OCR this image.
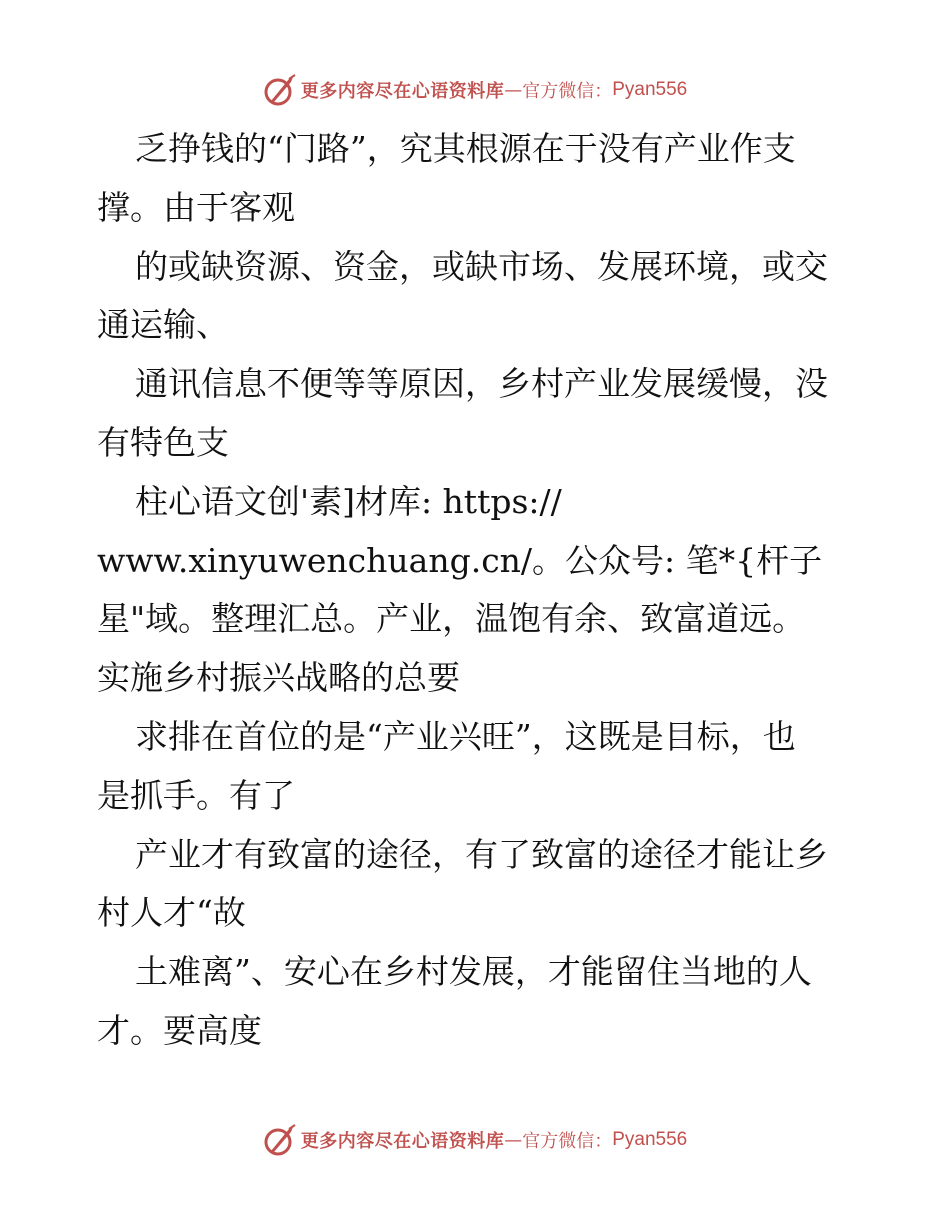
更多内容尽在心语资料库 — 官方微信： Pyan556
乏挣钱的“门路”，究其根源在于没有产业作支
撑。由于客观
的或缺资源、资金，或缺市场、发展环境，或交
通运输、
通讯信息不便等等原因，乡村产业发展缓慢，没
有特色支
柱心语文创'素]材库: https://
www.xinyuwenchuang.cn/。公众号: 笔*{杆子
星"域。整理汇总。产业，温饱有余、致富道远。
实施乡村振兴战略的总要
求排在首位的是“产业兴旺”，这既是目标，也
是抓手。有了
产业才有致富的途径，有了致富的途径才能让乡
村人才“故
土难离”、安心在乡村发展，才能留住当地的人
才。要高度
更多内容尽在心语资料库 — 官方微信： Pyan556
